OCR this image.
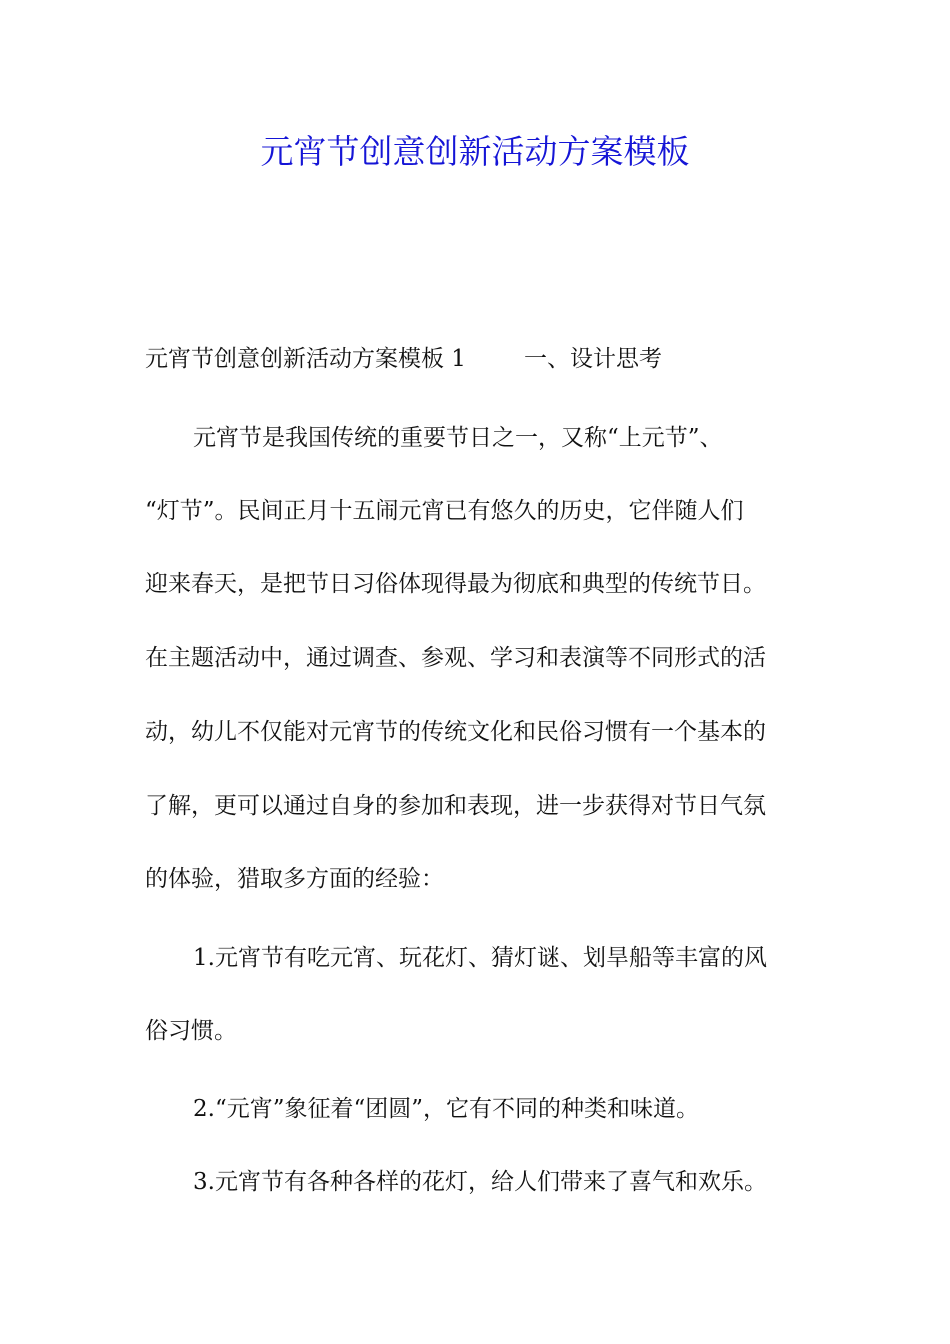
元宵节创意创新活动方案模板

元宵节创意创新活动方案模板 1	一、设计思考

元宵节是我国传统的重要节日之一，又称“上元节”、

“灯节”。民间正月十五闹元宵已有悠久的历史，它伴随人们

迎来春天，是把节日习俗体现得最为彻底和典型的传统节日。

在主题活动中，通过调查、参观、学习和表演等不同形式的活

动，幼儿不仅能对元宵节的传统文化和民俗习惯有一个基本的

了解，更可以通过自身的参加和表现，进一步获得对节日气氛

的体验，猎取多方面的经验：

1.元宵节有吃元宵、玩花灯、猜灯谜、划旱船等丰富的风

俗习惯。

2.“元宵”象征着“团圆”，它有不同的种类和味道。

3.元宵节有各种各样的花灯，给人们带来了喜气和欢乐。
